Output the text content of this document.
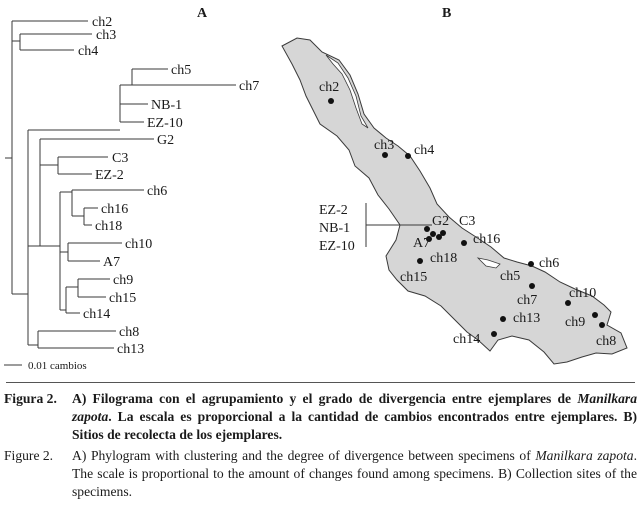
A
ch2
ch3
ch4
ch5
ch7
NB-1
EZ-10
G2
C3
EZ-2
ch6
ch16
ch18
ch10
A7
ch9
ch15
ch14
ch8
ch13
0.01 cambios
B
ch2
ch3 ch4
G2 C3
A7
ch18
ch16
ch15
ch6
ch5
ch7
ch13
ch10
ch9
ch14	ch8
EZ-2
NB-1
EZ-10
Figura 2.	A) Filograma con el agrupamiento y el grado de divergencia entre ejemplares de Manilkara zapota. La escala es proporcional a la cantidad de cambios encontrados entre ejemplares. B) Sitios de recolecta de los ejemplares.

Figure 2.	A) Phylogram with clustering and the degree of divergence between specimens of Manilkara zapota. The scale is proportional to the amount of changes found among specimens. B) Collection sites of the specimens.
